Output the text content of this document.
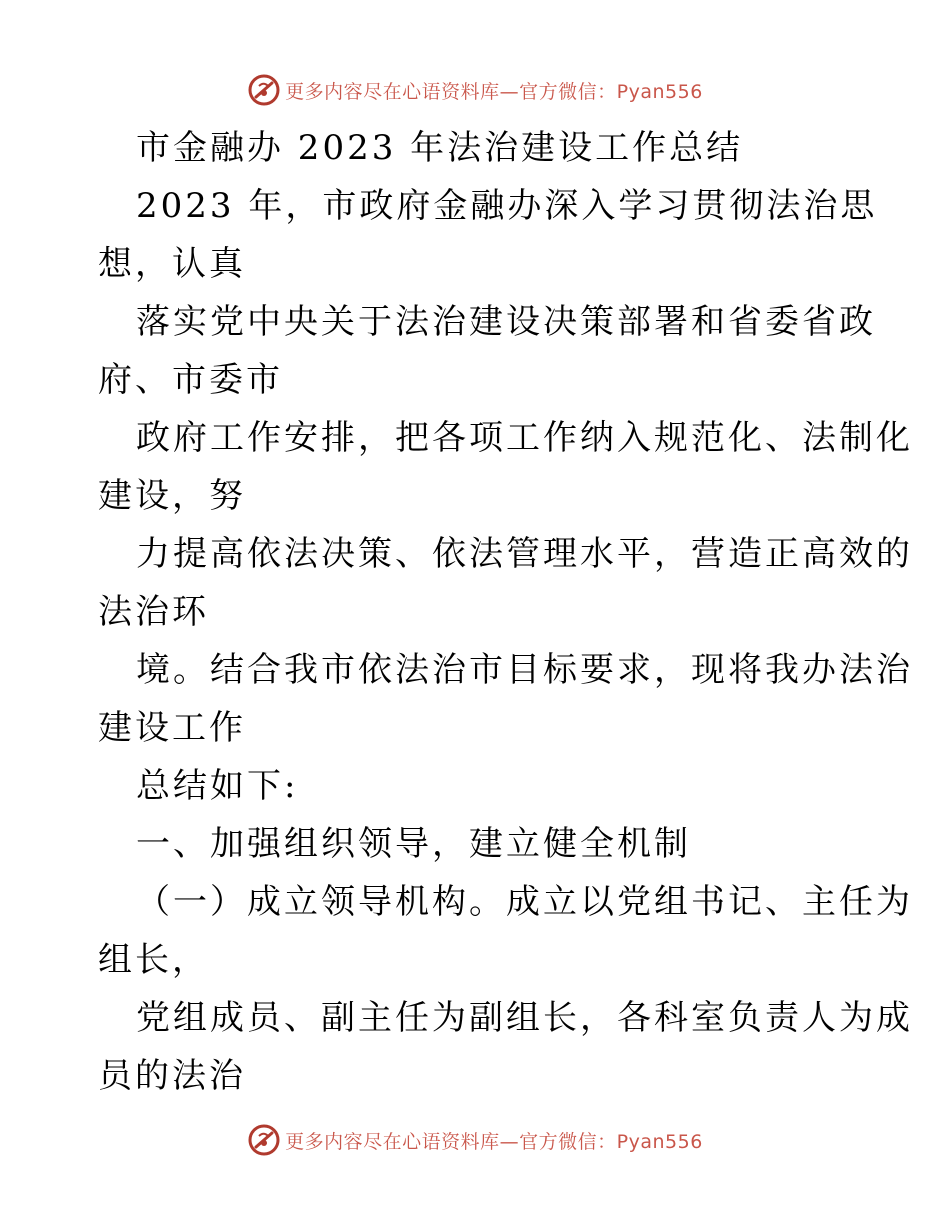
更多内容尽在心语资料库—官方微信：Pyan556
市金融办 2023 年法治建设工作总结
2023 年，市政府金融办深入学习贯彻法治思
想，认真
落实党中央关于法治建设决策部署和省委省政
府、市委市
政府工作安排，把各项工作纳入规范化、法制化
建设，努
力提高依法决策、依法管理水平，营造正高效的
法治环
境。结合我市依法治市目标要求，现将我办法治
建设工作
总结如下:
一、加强组织领导，建立健全机制
（一）成立领导机构。成立以党组书记、主任为
组长，
党组成员、副主任为副组长，各科室负责人为成
员的法治
更多内容尽在心语资料库—官方微信：Pyan556
